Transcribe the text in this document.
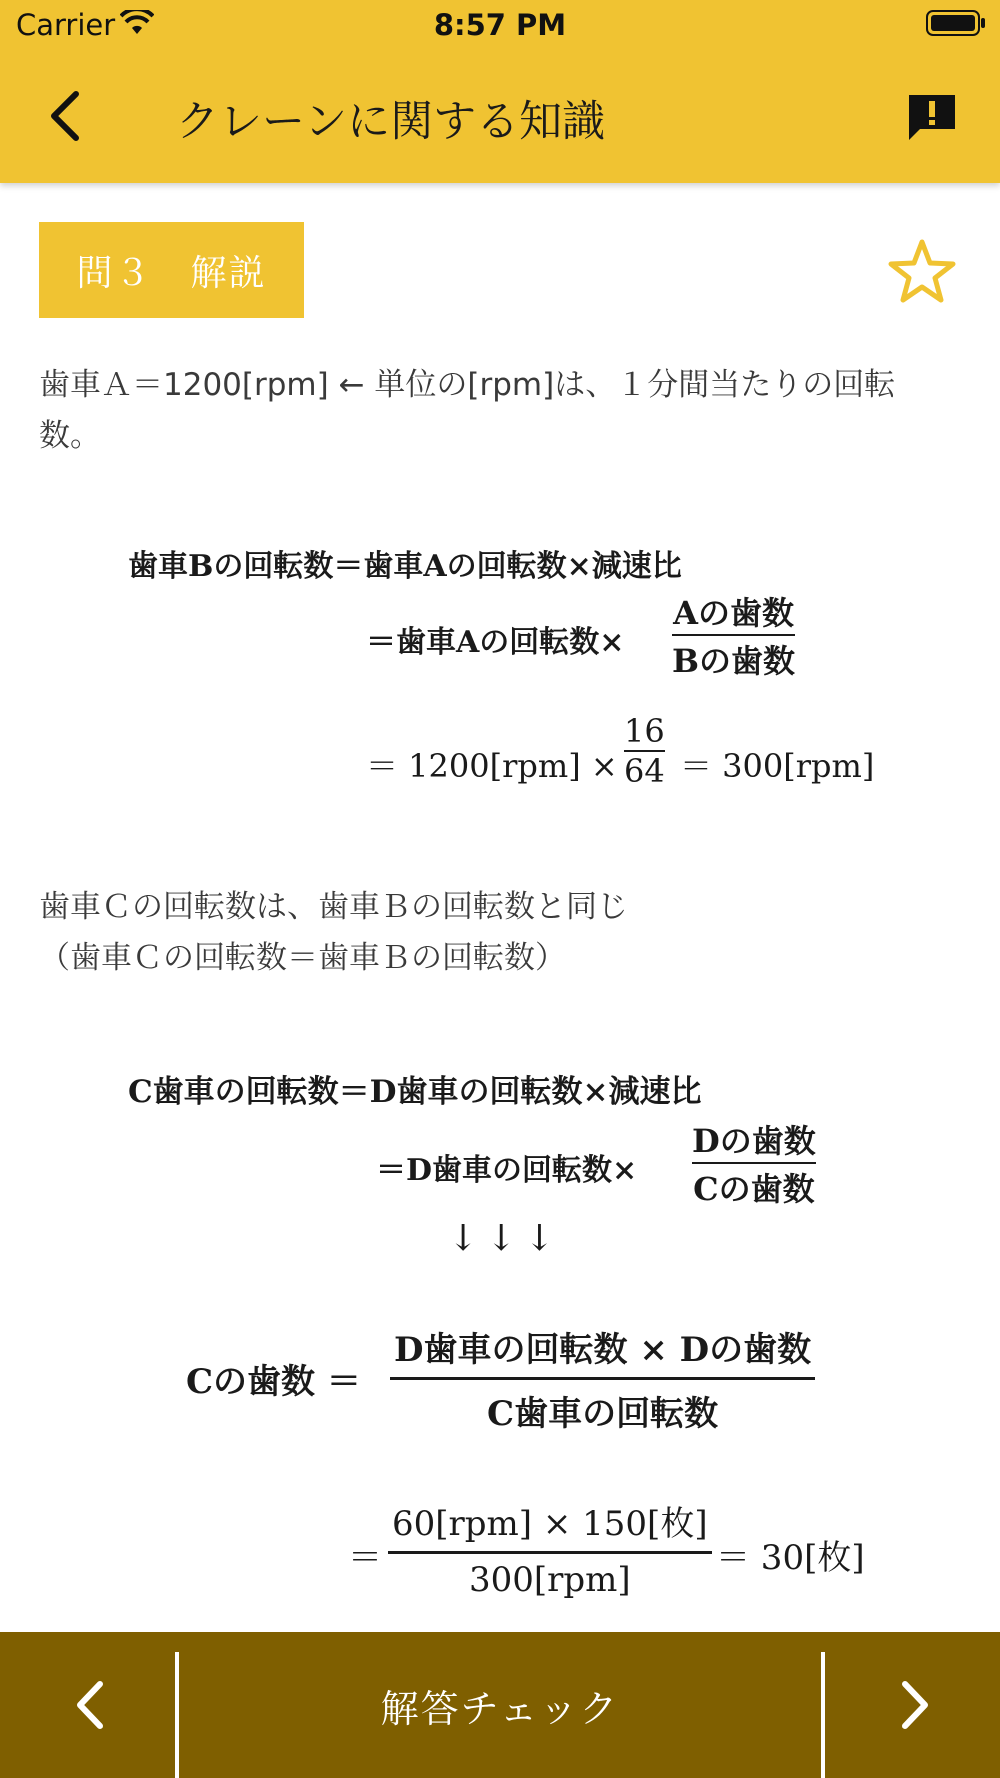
Carrier	8:57 PM
クレーンに関する知識
問３　解説
歯車Ａ＝1200[rpm] ← 単位の[rpm]は、１分間当たりの回転
数。
歯車Bの回転数＝歯車Aの回転数×減速比
＝歯車Aの回転数×
Aの歯数
Bの歯数
＝ 1200[rpm] ×
16
64 ＝ 300[rpm]
歯車Ｃの回転数は、歯車Ｂの回転数と同じ
（歯車Ｃの回転数＝歯車Ｂの回転数）
C歯車の回転数＝D歯車の回転数×減速比
＝D歯車の回転数×
Dの歯数
Cの歯数
↓↓↓
Cの歯数 ＝
D歯車の回転数 × Dの歯数
C歯車の回転数
＝
60[rpm] × 150[枚]
300[rpm]
＝ 30[枚]
解答チェック
